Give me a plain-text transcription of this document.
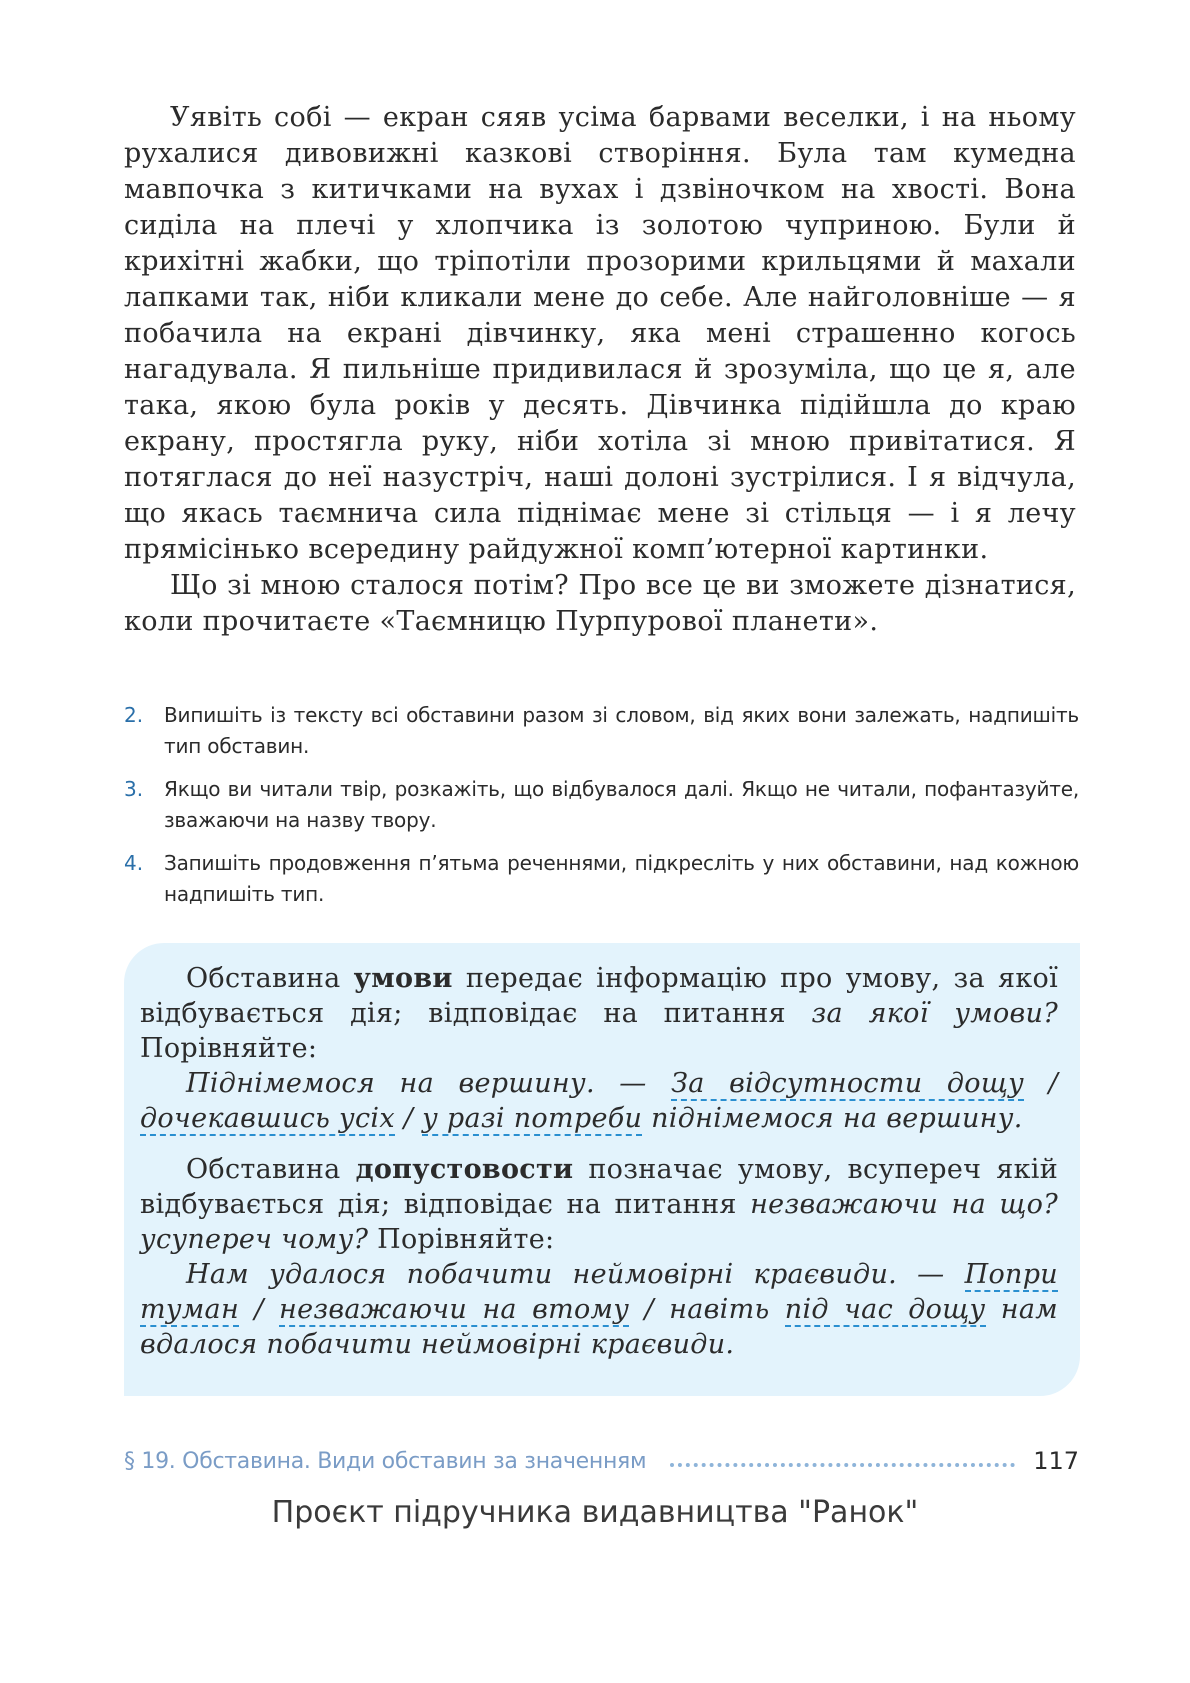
Уявіть собі — екран сяяв усіма барвами веселки, і на ньому рухалися дивовижні казкові створіння. Була там кумедна мавпочка з китичками на вухах і дзвіночком на хвості. Вона сиділа на плечі у хлопчика із золотою чуприною. Були й крихітні жабки, що тріпотіли прозорими крильцями й махали лапками так, ніби кликали мене до себе. Але найголовніше — я побачила на екрані дівчинку, яка мені страшенно когось нагадувала. Я пильніше придивилася й зрозуміла, що це я, але така, якою була років у десять. Дівчинка підійшла до краю екрану, простягла руку, ніби хотіла зі мною привітатися. Я потяглася до неї назустріч, наші долоні зустрілися. І я відчула, що якась таємнича сила піднімає мене зі стільця — і я лечу прямісінько всередину райдужної комп’ютерної картинки.

Що зі мною сталося потім? Про все це ви зможете дізнатися, коли прочитаєте «Таємницю Пурпурової планети».

2.	Випишіть із тексту всі обставини разом зі словом, від яких вони залежать, надпишіть тип обставин.
3.	Якщо ви читали твір, розкажіть, що відбувалося далі. Якщо не читали, пофантазуйте, зважаючи на назву твору.
4.	Запишіть продовження п’ятьма реченнями, підкресліть у них обставини, над кожною надпишіть тип.

Обставина умови передає інформацію про умову, за якої відбувається дія; відповідає на питання за якої умови? Порівняйте:

Піднімемося на вершину. — За відсутности дощу / дочекавшись усіх / у разі потреби піднімемося на вершину.

Обставина допустовости позначає умову, всупереч якій відбувається дія; відповідає на питання незважаючи на що? усупереч чому? Порівняйте:

Нам удалося побачити неймовірні краєвиди. — Попри туман / незважаючи на втому / навіть під час дощу нам вдалося побачити неймовірні краєвиди.

§ 19. Обставина. Види обставин за значенням	117
Проєкт підручника видавництва "Ранок"
